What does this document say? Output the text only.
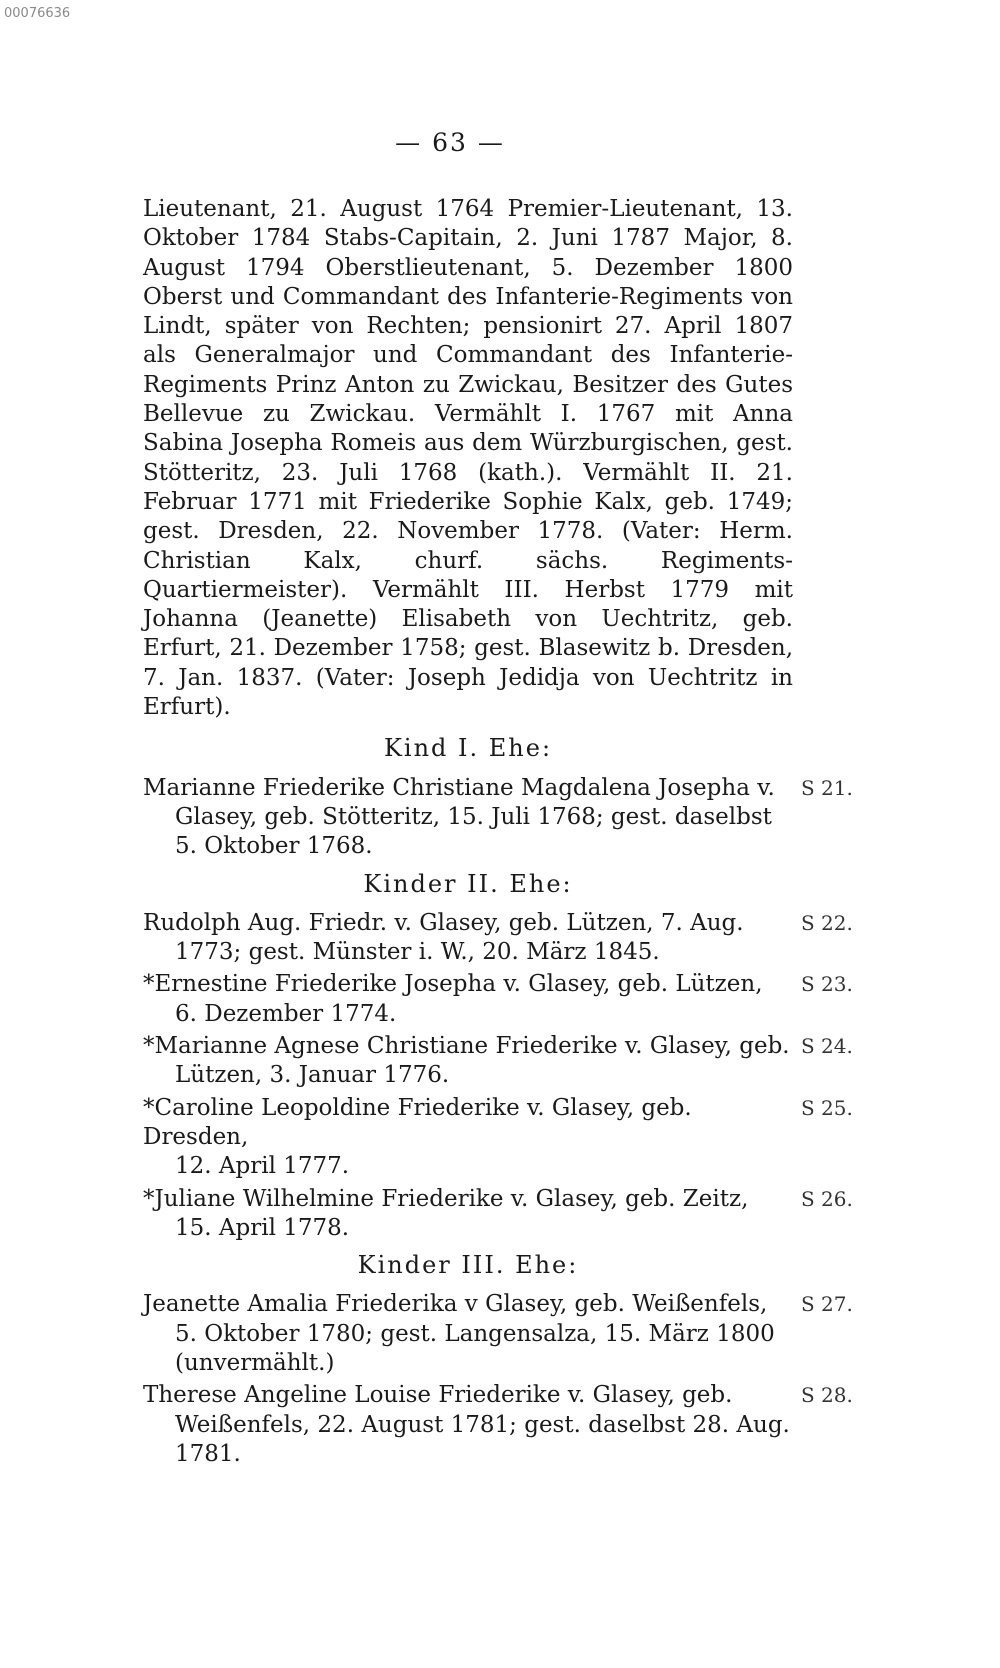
00076636
— 63 —

Lieutenant, 21. August 1764 Premier-Lieutenant, 13. Oktober 1784 Stabs-Capitain, 2. Juni 1787 Major, 8. August 1794 Oberstlieutenant, 5. Dezember 1800 Oberst und Commandant des Infanterie-Regiments von Lindt, später von Rechten; pensionirt 27. April 1807 als Generalmajor und Commandant des Infanterie-Regiments Prinz Anton zu Zwickau, Besitzer des Gutes Bellevue zu Zwickau. Vermählt I. 1767 mit Anna Sabina Josepha Romeis aus dem Würzburgischen, gest. Stötteritz, 23. Juli 1768 (kath.). Vermählt II. 21. Februar 1771 mit Friederike Sophie Kalx, geb. 1749; gest. Dresden, 22. November 1778. (Vater: Herm. Christian Kalx, churf. sächs. Regiments-Quartiermeister). Vermählt III. Herbst 1779 mit Johanna (Jeanette) Elisabeth von Uechtritz, geb. Erfurt, 21. Dezember 1758; gest. Blasewitz b. Dresden, 7. Jan. 1837. (Vater: Joseph Jedidja von Uechtritz in Erfurt).

Kind I. Ehe:
Marianne Friederike Christiane Magdalena Josepha v.
Glasey, geb. Stötteritz, 15. Juli 1768; gest. daselbst 5. Oktober 1768.
S 21.
Kinder II. Ehe:
Rudolph Aug. Friedr. v. Glasey, geb. Lützen, 7. Aug.
1773; gest. Münster i. W., 20. März 1845.
S 22.
*Ernestine Friederike Josepha v. Glasey, geb. Lützen,
6. Dezember 1774.
S 23.
*Marianne Agnese Christiane Friederike v. Glasey, geb.
Lützen, 3. Januar 1776.
S 24.
*Caroline Leopoldine Friederike v. Glasey, geb. Dresden,
12. April 1777.
S 25.
*Juliane Wilhelmine Friederike v. Glasey, geb. Zeitz,
15. April 1778.
S 26.
Kinder III. Ehe:
Jeanette Amalia Friederika v Glasey, geb. Weißenfels,
5. Oktober 1780; gest. Langensalza, 15. März 1800 (unvermählt.)
S 27.
Therese Angeline Louise Friederike v. Glasey, geb.
Weißenfels, 22. August 1781; gest. daselbst 28. Aug. 1781.
S 28.
